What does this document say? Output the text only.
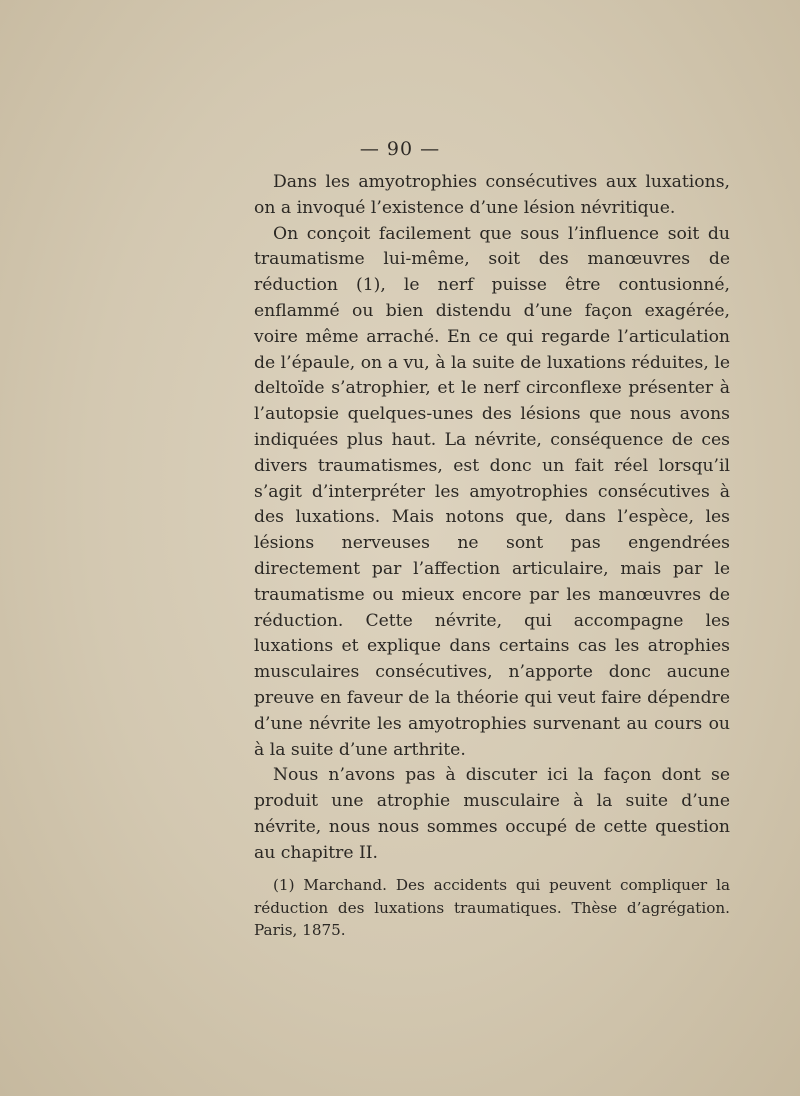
— 90 —

Dans les amyotrophies consécutives aux luxations, on a invoqué l’existence d’une lésion névritique.

On conçoit facilement que sous l’influence soit du traumatisme lui-même, soit des manœuvres de réduction (1), le nerf puisse être contusionné, enflammé ou bien distendu d’une façon exagérée, voire même arraché. En ce qui regarde l’articulation de l’épaule, on a vu, à la suite de luxations réduites, le deltoïde s’atrophier, et le nerf circonflexe présenter à l’autopsie quelques-unes des lésions que nous avons indiquées plus haut. La névrite, conséquence de ces divers traumatismes, est donc un fait réel lorsqu’il s’agit d’interpréter les amyotrophies consécutives à des luxations. Mais notons que, dans l’espèce, les lésions nerveuses ne sont pas engendrées directement par l’affection articulaire, mais par le traumatisme ou mieux encore par les manœuvres de réduction. Cette névrite, qui accompagne les luxations et explique dans certains cas les atrophies musculaires consécutives, n’apporte donc aucune preuve en faveur de la théorie qui veut faire dépendre d’une névrite les amyotrophies survenant au cours ou à la suite d’une arthrite.

Nous n’avons pas à discuter ici la façon dont se produit une atrophie musculaire à la suite d’une névrite, nous nous sommes occupé de cette question au chapitre II.

(1) Marchand. Des accidents qui peuvent compliquer la réduction des luxations traumatiques. Thèse d’agrégation. Paris, 1875.
